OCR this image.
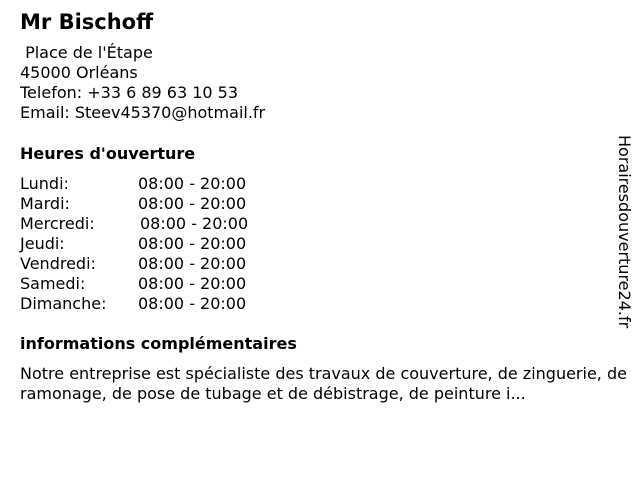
Mr Bischoff
Place de l'Étape
45000 Orléans
Telefon: +33 6 89 63 10 53
Email: Steev45370@hotmail.fr
Heures d'ouverture
Lundi:	08:00 - 20:00
Mardi:	08:00 - 20:00
Mercredi:	08:00 - 20:00
Jeudi:	08:00 - 20:00
Vendredi:	08:00 - 20:00
Samedi:	08:00 - 20:00
Dimanche: 08:00 - 20:00
informations complémentaires
Notre entreprise est spécialiste des travaux de couverture, de zinguerie, de ramonage, de pose de tubage et de débistrage, de peinture i...
Horairesdouverture24.fr
